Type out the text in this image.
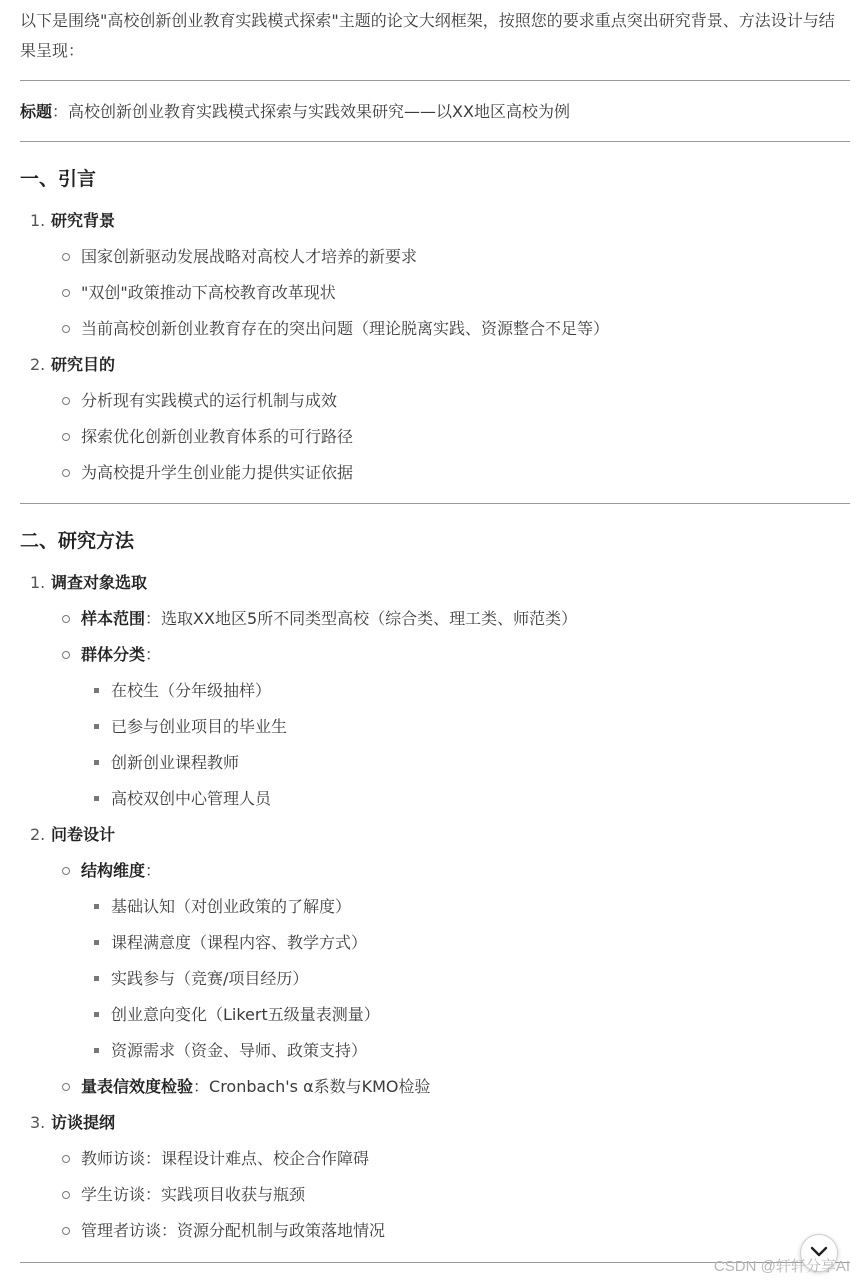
以下是围绕"高校创新创业教育实践模式探索"主题的论文大纲框架，按照您的要求重点突出研究背景、方法设计与结果呈现：

标题：高校创新创业教育实践模式探索与实践效果研究——以XX地区高校为例

一、引言
1. 研究背景
国家创新驱动发展战略对高校人才培养的新要求
"双创"政策推动下高校教育改革现状
当前高校创新创业教育存在的突出问题（理论脱离实践、资源整合不足等）
2. 研究目的
分析现有实践模式的运行机制与成效
探索优化创新创业教育体系的可行路径
为高校提升学生创业能力提供实证依据
二、研究方法
1. 调查对象选取
样本范围：选取XX地区5所不同类型高校（综合类、理工类、师范类）
群体分类：
在校生（分年级抽样）
已参与创业项目的毕业生
创新创业课程教师
高校双创中心管理人员
2. 问卷设计
结构维度：
基础认知（对创业政策的了解度）
课程满意度（课程内容、教学方式）
实践参与（竞赛/项目经历）
创业意向变化（Likert五级量表测量）
资源需求（资金、导师、政策支持）
量表信效度检验：Cronbach's α系数与KMO检验
3. 访谈提纲
教师访谈：课程设计难点、校企合作障碍
学生访谈：实践项目收获与瓶颈
管理者访谈：资源分配机制与政策落地情况
CSDN @轩轩分享AI
